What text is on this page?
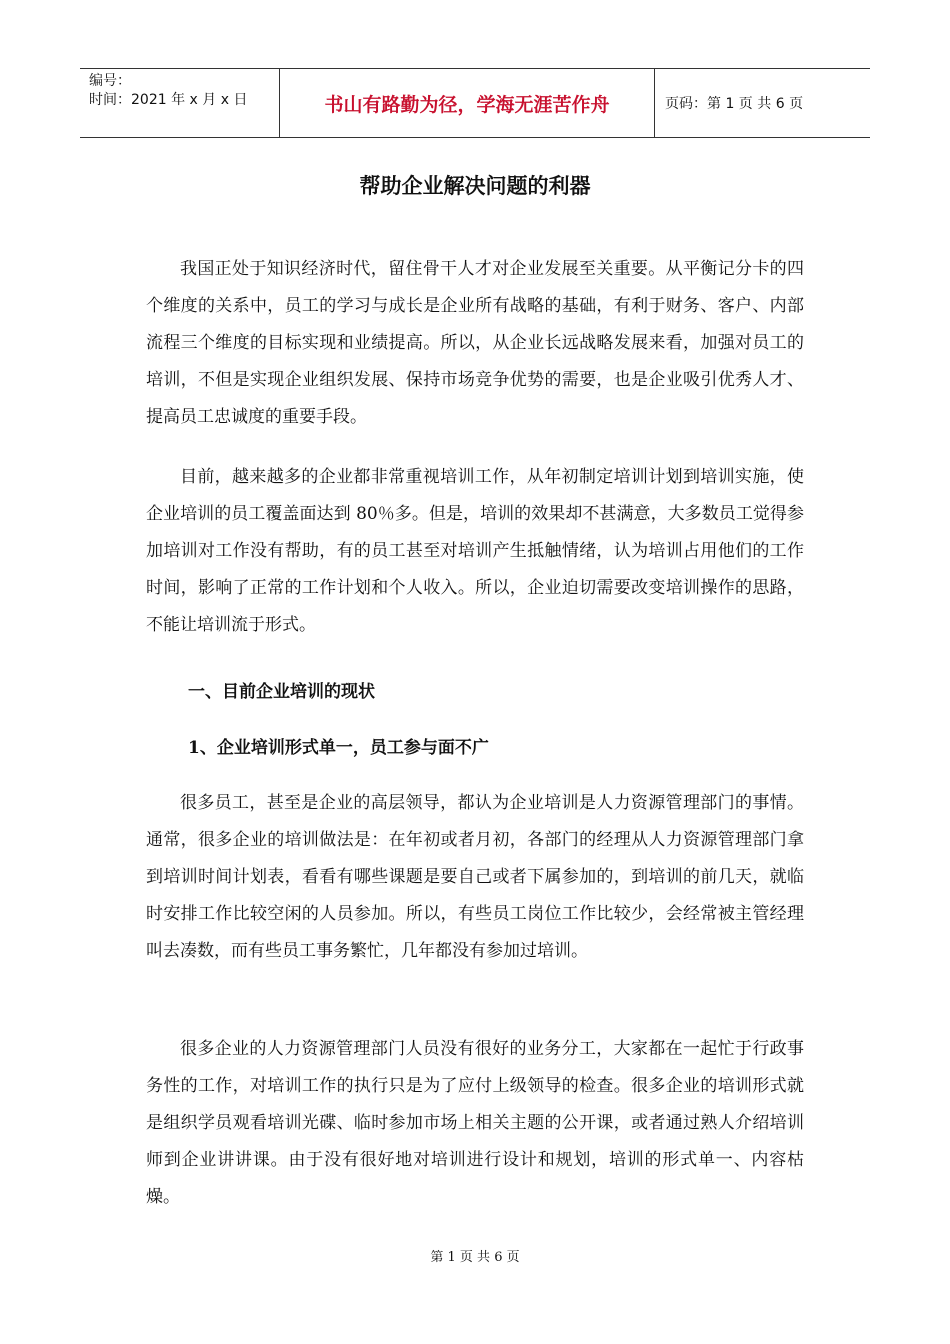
编号：
时间：2021 年 x 月 x 日	书山有路勤为径，学海无涯苦作舟	页码：第 1 页 共 6 页
帮助企业解决问题的利器

我国正处于知识经济时代，留住骨干人才对企业发展至关重要。从平衡记分卡的四个维度的关系中，员工的学习与成长是企业所有战略的基础，有利于财务、客户、内部流程三个维度的目标实现和业绩提高。所以，从企业长远战略发展来看，加强对员工的培训，不但是实现企业组织发展、保持市场竞争优势的需要，也是企业吸引优秀人才、提高员工忠诚度的重要手段。

目前，越来越多的企业都非常重视培训工作，从年初制定培训计划到培训实施，使企业培训的员工覆盖面达到 80％多。但是，培训的效果却不甚满意，大多数员工觉得参加培训对工作没有帮助，有的员工甚至对培训产生抵触情绪，认为培训占用他们的工作时间，影响了正常的工作计划和个人收入。所以，企业迫切需要改变培训操作的思路，不能让培训流于形式。

一、目前企业培训的现状

1、企业培训形式单一，员工参与面不广

很多员工，甚至是企业的高层领导，都认为企业培训是人力资源管理部门的事情。通常，很多企业的培训做法是：在年初或者月初，各部门的经理从人力资源管理部门拿到培训时间计划表，看看有哪些课题是要自己或者下属参加的，到培训的前几天，就临时安排工作比较空闲的人员参加。所以，有些员工岗位工作比较少，会经常被主管经理叫去凑数，而有些员工事务繁忙，几年都没有参加过培训。

很多企业的人力资源管理部门人员没有很好的业务分工，大家都在一起忙于行政事务性的工作，对培训工作的执行只是为了应付上级领导的检查。很多企业的培训形式就是组织学员观看培训光碟、临时参加市场上相关主题的公开课，或者通过熟人介绍培训师到企业讲讲课。由于没有很好地对培训进行设计和规划，培训的形式单一、内容枯燥。

第 1 页 共 6 页
